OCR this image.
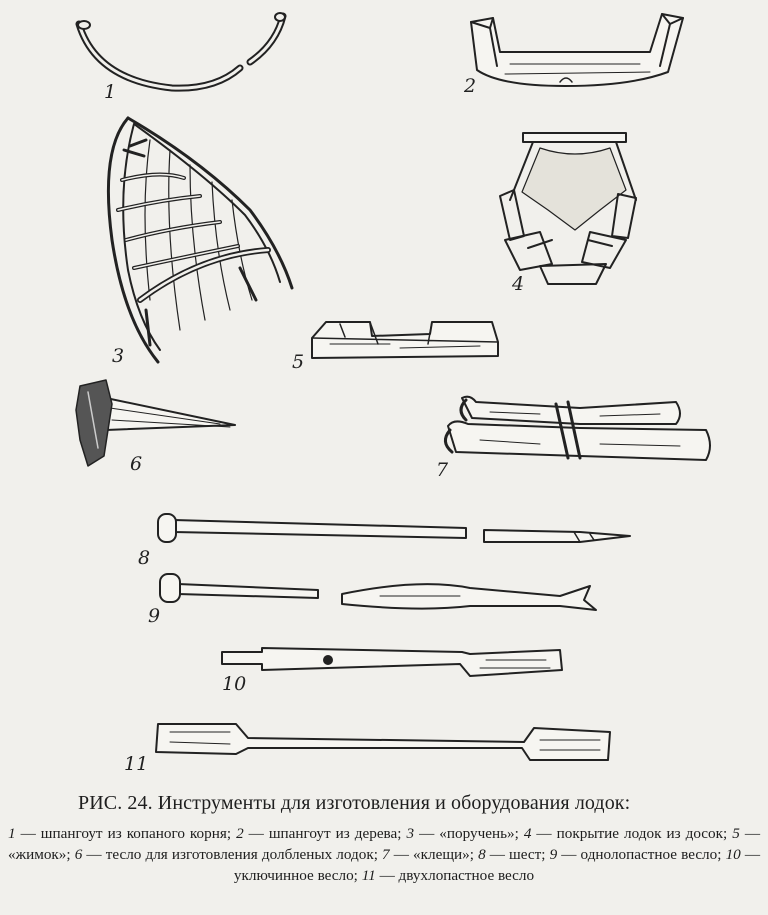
1	2
3
4
5
6	7
8
9
10
11
РИС. 24. Инструменты для изготовления и оборудования лодок:
1 — шпангоут из копаного корня; 2 — шпангоут из дерева; 3 — «поручень»; 4 — покрытие лодок из досок; 5 — «жимок»; 6 — тесло для изготовления долбленых лодок; 7 — «клещи»; 8 — шест; 9 — однолопастное весло; 10 — уключинное весло; 11 — двухлопастное весло
